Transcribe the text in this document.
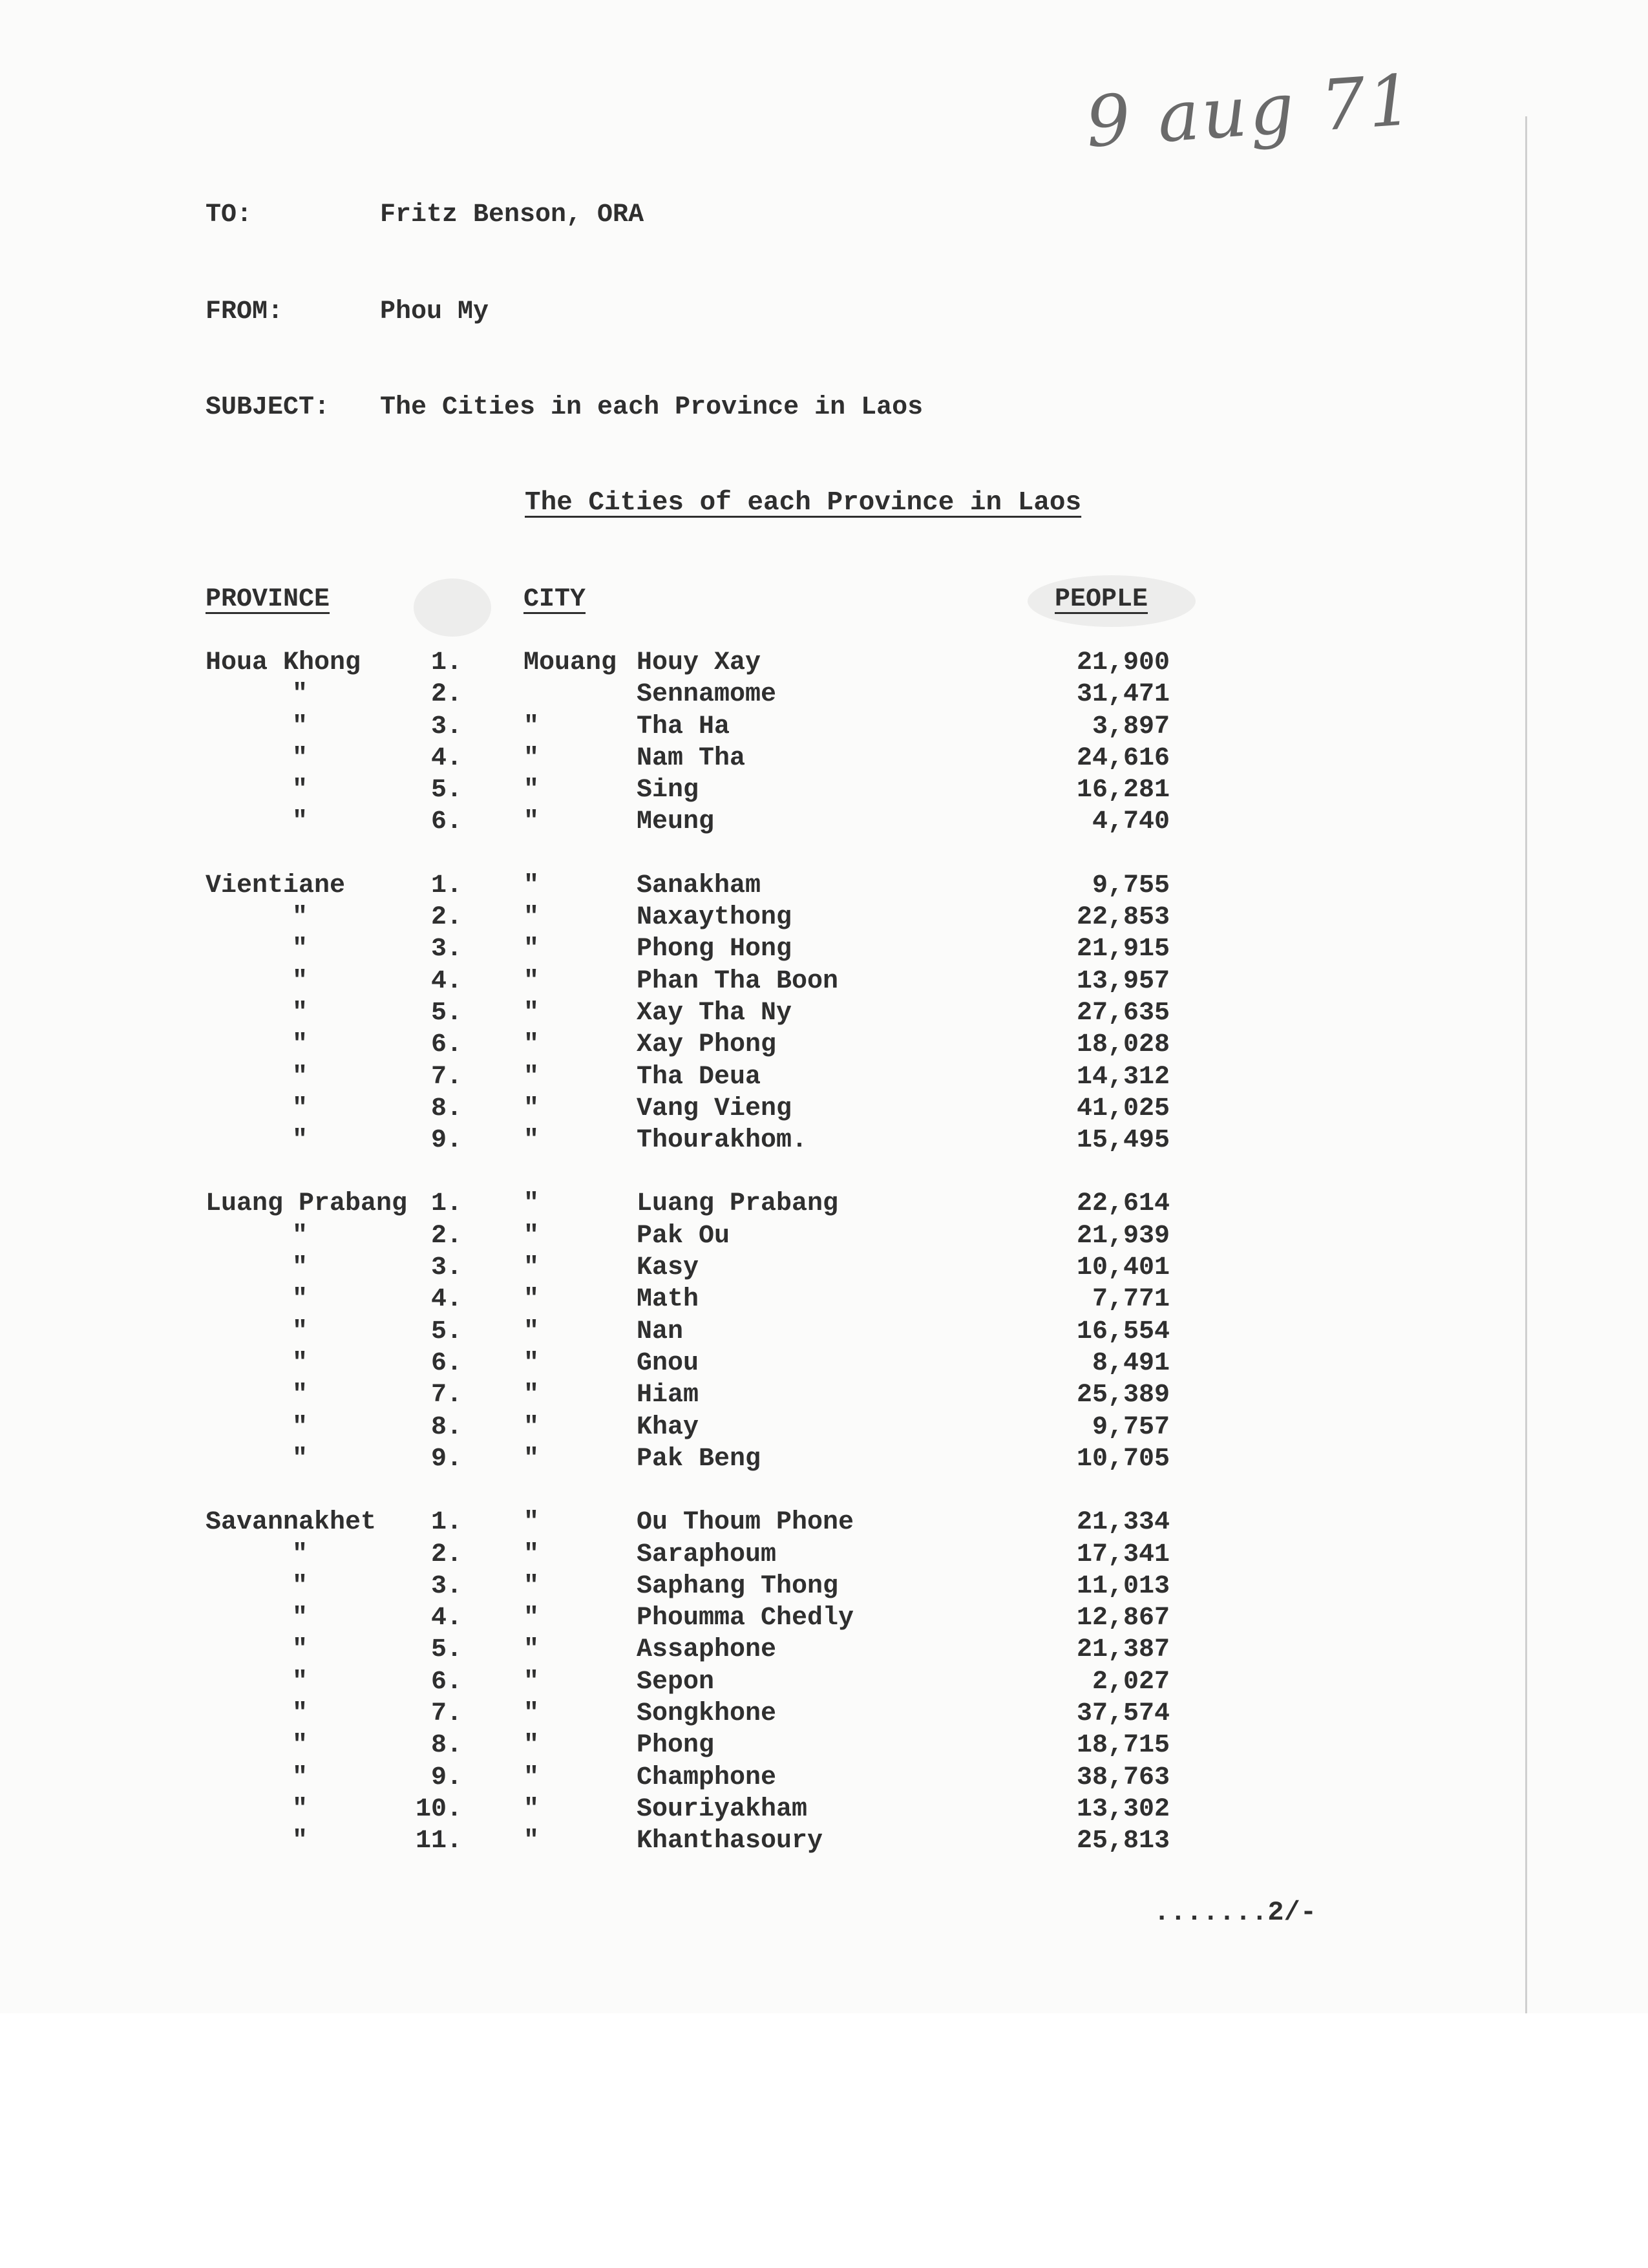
9 aug 71
TO:	Fritz Benson, ORA
FROM:	Phou My
SUBJECT: The Cities in each Province in Laos
The Cities of each Province in Laos
PROVINCE	CITY	PEOPLE
Houa Khong	1. Mouang Houy Xay	21,900
"	2.	Sennamome	31,471
"	3. "	Tha Ha	3,897
"	4. "	Nam Tha	24,616
"	5. "	Sing	16,281
"	6. "	Meung	4,740
Vientiane	1. "	Sanakham	9,755
"	2. "	Naxaythong	22,853
"	3. "	Phong Hong	21,915
"	4. "	Phan Tha Boon	13,957
"	5. "	Xay Tha Ny	27,635
"	6. "	Xay Phong	18,028
"	7. "	Tha Deua	14,312
"	8. "	Vang Vieng	41,025
"	9. "	Thourakhom.	15,495
Luang Prabang 1. "	Luang Prabang	22,614
"	2. "	Pak Ou	21,939
"	3. "	Kasy	10,401
"	4. "	Math	7,771
"	5. "	Nan	16,554
"	6. "	Gnou	8,491
"	7. "	Hiam	25,389
"	8. "	Khay	9,757
"	9. "	Pak Beng	10,705
Savannakhet	1. "	Ou Thoum Phone	21,334
"	2. "	Saraphoum	17,341
"	3. "	Saphang Thong	11,013
"	4. "	Phoumma Chedly	12,867
"	5. "	Assaphone	21,387
"	6. "	Sepon	2,027
"	7. "	Songkhone	37,574
"	8. "	Phong	18,715
"	9. "	Champhone	38,763
"	10. "	Souriyakham	13,302
"	11. "	Khanthasoury	25,813
.......2/-
